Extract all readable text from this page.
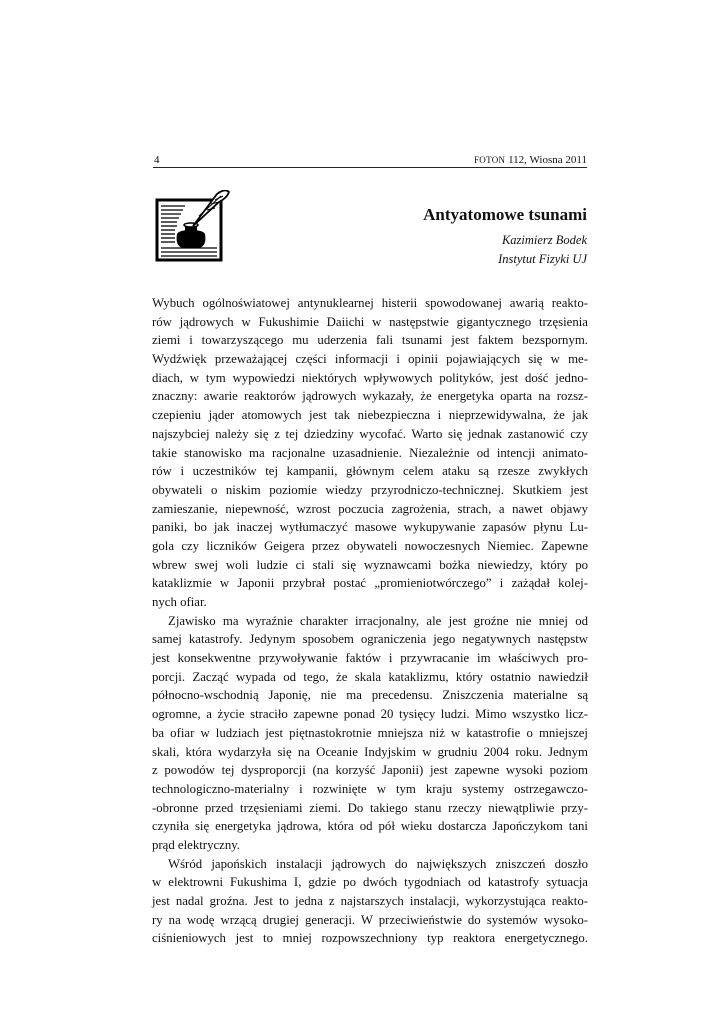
4	FOTON 112, Wiosna 2011
Antyatomowe tsunami
Kazimierz Bodek
Instytut Fizyki UJ
Wybuch ogólnoświatowej antynuklearnej histerii spowodowanej awarią reakto-
rów jądrowych w Fukushimie Daiichi w następstwie gigantycznego trzęsienia
ziemi i towarzyszącego mu uderzenia fali tsunami jest faktem bezspornym.
Wydźwięk przeważającej części informacji i opinii pojawiających się w me-
diach, w tym wypowiedzi niektórych wpływowych polityków, jest dość jedno-
znaczny: awarie reaktorów jądrowych wykazały, że energetyka oparta na rozsz-
czepieniu jąder atomowych jest tak niebezpieczna i nieprzewidywalna, że jak
najszybciej należy się z tej dziedziny wycofać. Warto się jednak zastanowić czy
takie stanowisko ma racjonalne uzasadnienie. Niezależnie od intencji animato-
rów i uczestników tej kampanii, głównym celem ataku są rzesze zwykłych
obywateli o niskim poziomie wiedzy przyrodniczo-technicznej. Skutkiem jest
zamieszanie, niepewność, wzrost poczucia zagrożenia, strach, a nawet objawy
paniki, bo jak inaczej wytłumaczyć masowe wykupywanie zapasów płynu Lu-
gola czy liczników Geigera przez obywateli nowoczesnych Niemiec. Zapewne
wbrew swej woli ludzie ci stali się wyznawcami bożka niewiedzy, który po
kataklizmie w Japonii przybrał postać „promieniotwórczego” i zażądał kolej-
nych ofiar.
Zjawisko ma wyraźnie charakter irracjonalny, ale jest groźne nie mniej od
samej katastrofy. Jedynym sposobem ograniczenia jego negatywnych następstw
jest konsekwentne przywoływanie faktów i przywracanie im właściwych pro-
porcji. Zacząć wypada od tego, że skala kataklizmu, który ostatnio nawiedził
północno-wschodnią Japonię, nie ma precedensu. Zniszczenia materialne są
ogromne, a życie straciło zapewne ponad 20 tysięcy ludzi. Mimo wszystko licz-
ba ofiar w ludziach jest piętnastokrotnie mniejsza niż w katastrofie o mniejszej
skali, która wydarzyła się na Oceanie Indyjskim w grudniu 2004 roku. Jednym
z powodów tej dysproporcji (na korzyść Japonii) jest zapewne wysoki poziom
technologiczno-materialny i rozwinięte w tym kraju systemy ostrzegawczo-
-obronne przed trzęsieniami ziemi. Do takiego stanu rzeczy niewątpliwie przy-
czyniła się energetyka jądrowa, która od pół wieku dostarcza Japończykom tani
prąd elektryczny.
Wśród japońskich instalacji jądrowych do największych zniszczeń doszło
w elektrowni Fukushima I, gdzie po dwóch tygodniach od katastrofy sytuacja
jest nadal groźna. Jest to jedna z najstarszych instalacji, wykorzystująca reakto-
ry na wodę wrzącą drugiej generacji. W przeciwieństwie do systemów wysoko-
ciśnieniowych jest to mniej rozpowszechniony typ reaktora energetycznego.
